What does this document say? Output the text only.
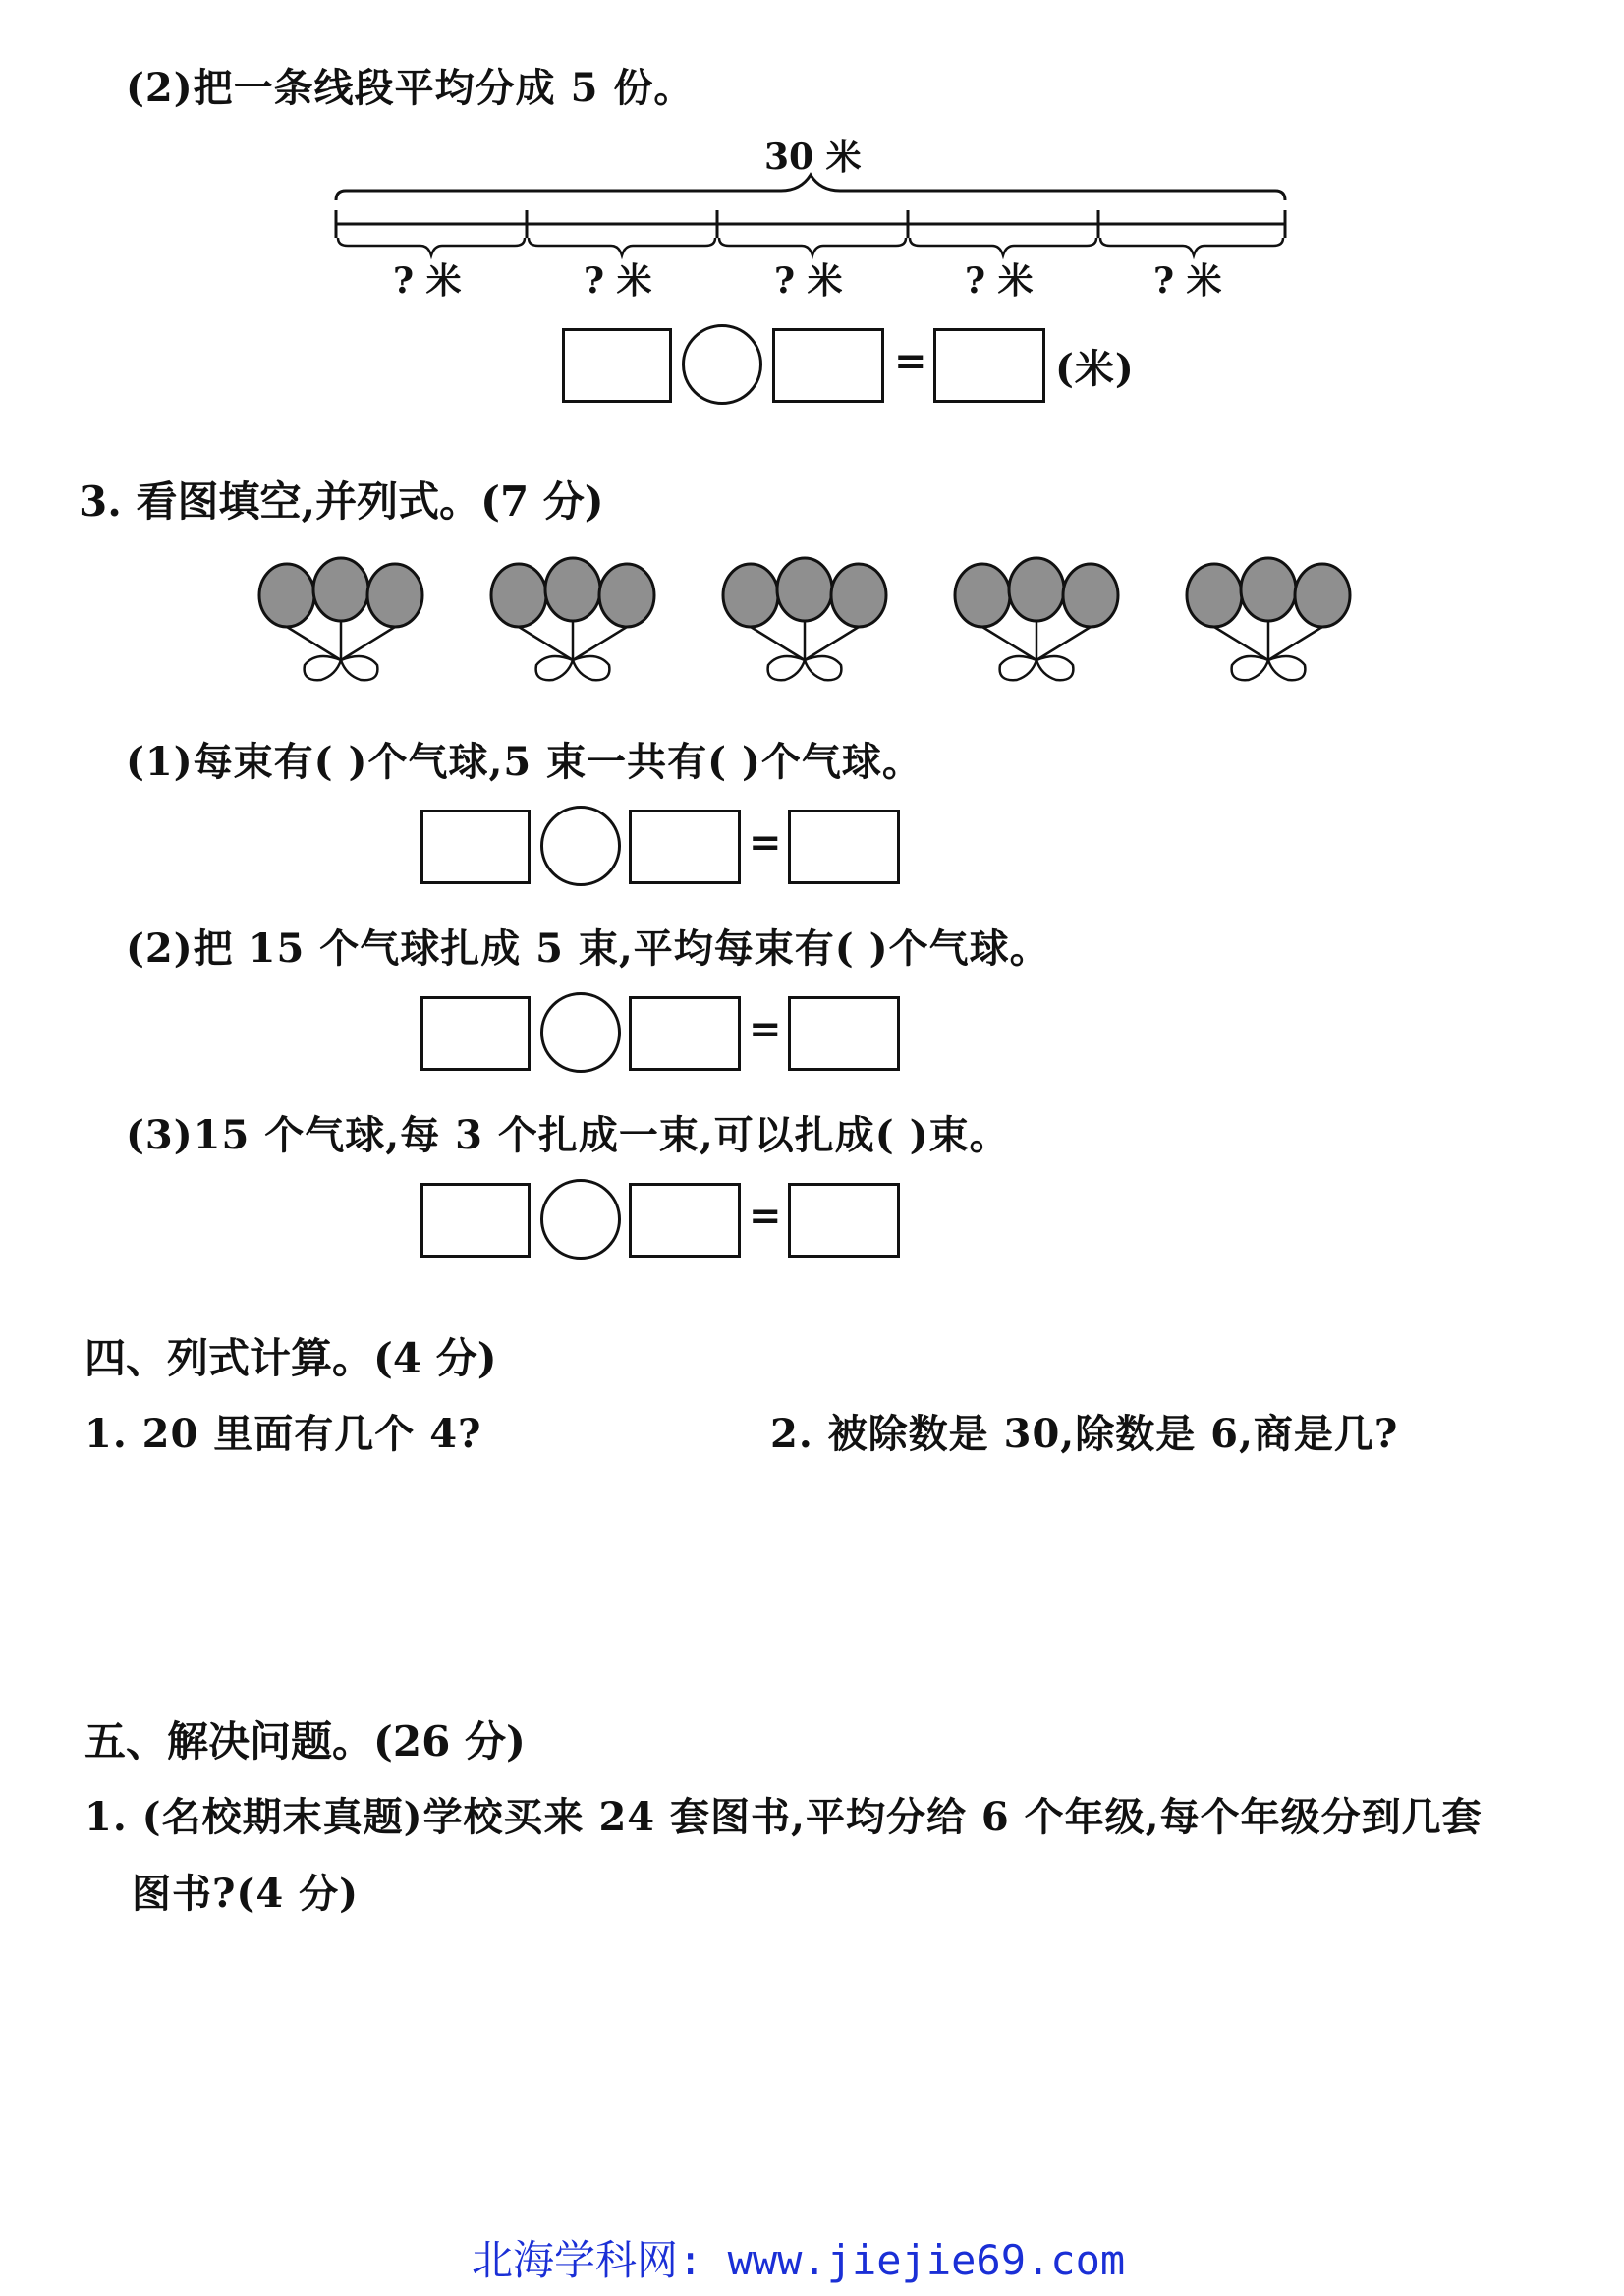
(2)把一条线段平均分成 5 份。
30 米
? 米	? 米	? 米	? 米	? 米
=	(米)
3. 看图填空,并列式。(7 分)
(1)每束有( )个气球,5 束一共有( )个气球。
=
(2)把 15 个气球扎成 5 束,平均每束有( )个气球。
=
(3)15 个气球,每 3 个扎成一束,可以扎成( )束。
=
四、列式计算。(4 分)
1. 20 里面有几个 4?	2. 被除数是 30,除数是 6,商是几?
五、解决问题。(26 分)
1. (名校期末真题)学校买来 24 套图书,平均分给 6 个年级,每个年级分到几套
图书?(4 分)
北海学科网: www.jiejie69.com
